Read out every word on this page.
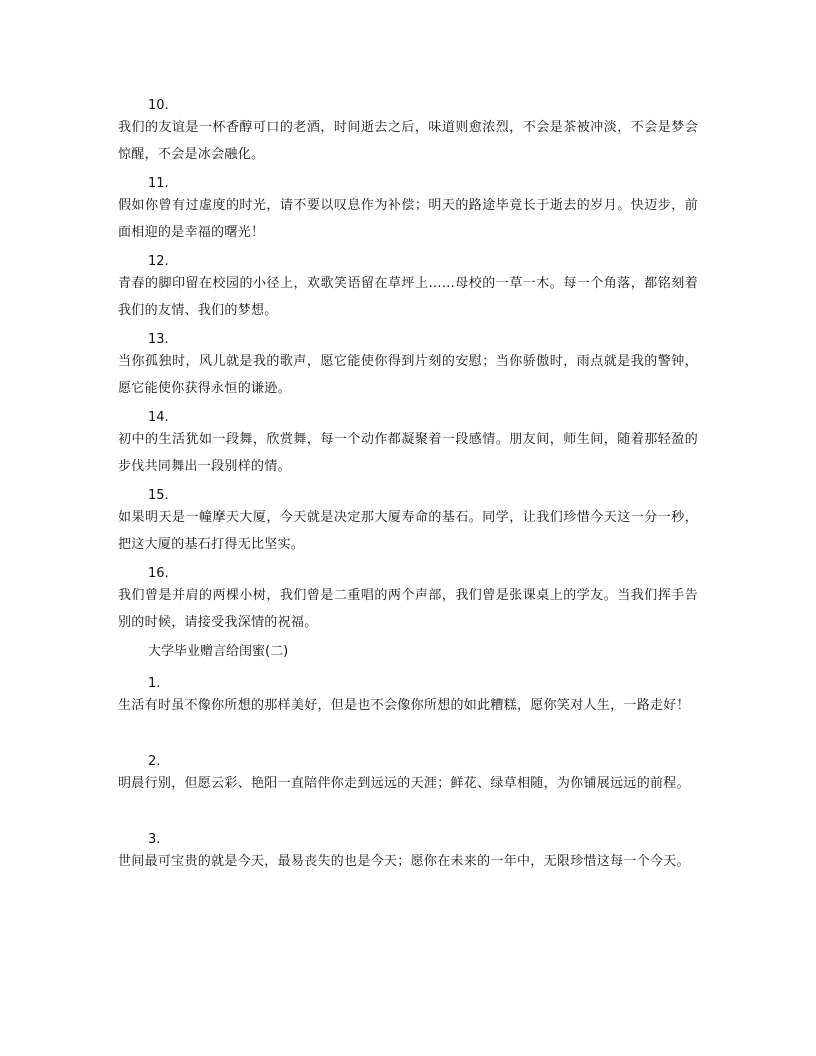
10.
我们的友谊是一杯香醇可口的老酒，时间逝去之后，味道则愈浓烈，不会是茶被冲淡，不会是梦会惊醒，不会是冰会融化。
11.
假如你曾有过虚度的时光，请不要以叹息作为补偿；明天的路途毕竟长于逝去的岁月。快迈步，前面相迎的是幸福的曙光！
12.
青春的脚印留在校园的小径上，欢歌笑语留在草坪上……母校的一草一木。每一个角落，都铭刻着我们的友情、我们的梦想。
13.
当你孤独时，风儿就是我的歌声，愿它能使你得到片刻的安慰；当你骄傲时，雨点就是我的警钟，愿它能使你获得永恒的谦逊。
14.
初中的生活犹如一段舞，欣赏舞，每一个动作都凝聚着一段感情。朋友间，师生间，随着那轻盈的步伐共同舞出一段别样的情。
15.
如果明天是一幢摩天大厦，今天就是决定那大厦寿命的基石。同学，让我们珍惜今天这一分一秒，把这大厦的基石打得无比坚实。
16.
我们曾是并肩的两棵小树，我们曾是二重唱的两个声部，我们曾是张课桌上的学友。当我们挥手告别的时候，请接受我深情的祝福。
大学毕业赠言给闺蜜(二)
1.
生活有时虽不像你所想的那样美好，但是也不会像你所想的如此糟糕，愿你笑对人生，一路走好！
2.
明晨行别，但愿云彩、艳阳一直陪伴你走到远远的天涯；鲜花、绿草相随，为你铺展远远的前程。
3.
世间最可宝贵的就是今天，最易丧失的也是今天；愿你在未来的一年中，无限珍惜这每一个今天。
